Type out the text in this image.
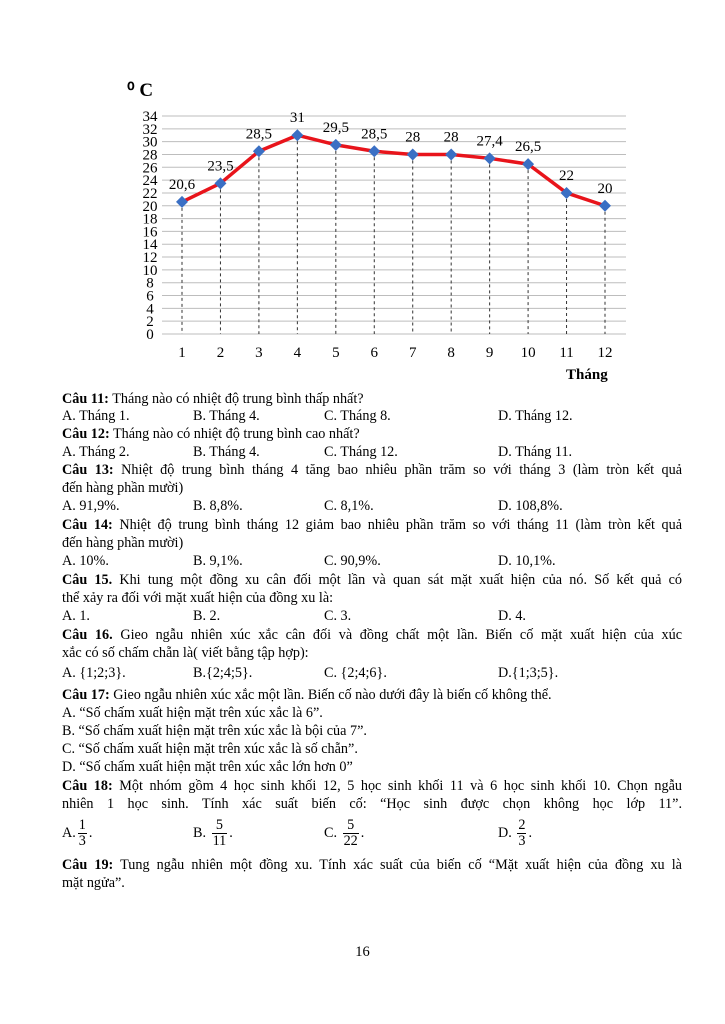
0
2
4
6
8
10
12
14
16
18
20
22
24
26
28
30
32
34
1 2 3 4 5 6 7 8 9 10 11 12
20,6
23,5
28,5
31
29,5 28,5 28 28 27,4 26,5
22
20
⁰ C
Tháng
Câu 11: Tháng nào có nhiệt độ trung bình thấp nhất?
A. Tháng 1.	B. Tháng 4.	C. Tháng 8.	D. Tháng 12.
Câu 12: Tháng nào có nhiệt độ trung bình cao nhất?
A. Tháng 2.	B. Tháng 4.	C. Tháng 12.	D. Tháng 11.
Câu 13: Nhiệt độ trung bình tháng 4 tăng bao nhiêu phần trăm so với tháng 3 (làm tròn kết quả
đến hàng phần mười)
A. 91,9%.	B. 8,8%.	C. 8,1%.	D. 108,8%.
Câu 14: Nhiệt độ trung bình tháng 12 giảm bao nhiêu phần trăm so với tháng 11 (làm tròn kết quả
đến hàng phần mười)
A. 10%.	B. 9,1%.	C. 90,9%.	D. 10,1%.
Câu 15. Khi tung một đồng xu cân đối một lần và quan sát mặt xuất hiện của nó. Số kết quả có
thể xảy ra đối với mặt xuất hiện của đồng xu là:
A. 1.	B. 2.	C. 3.	D. 4.
Câu 16. Gieo ngẫu nhiên xúc xắc cân đối và đồng chất một lần. Biến cố mặt xuất hiện của xúc
xắc có số chấm chẵn là( viết bằng tập hợp):
A. {1;2;3}.	B.{2;4;5}.	C. {2;4;6}.	D.{1;3;5}.
Câu 17: Gieo ngẫu nhiên xúc xắc một lần. Biến cố nào dưới đây là biến cố không thể.
A. “Số chấm xuất hiện mặt trên xúc xắc là 6”.
B. “Số chấm xuất hiện mặt trên xúc xắc là bội của 7”.
C. “Số chấm xuất hiện mặt trên xúc xắc là số chẵn”.
D. “Số chấm xuất hiện mặt trên xúc xắc lớn hơn 0”
Câu 18: Một nhóm gồm 4 học sinh khối 12, 5 học sinh khối 11 và 6 học sinh khối 10. Chọn ngẫu
nhiên 1 học sinh. Tính xác suất biến cố: “Học sinh được chọn không học lớp 11”.
A. $\frac{1}{3}$ .	B. $\frac{5}{11}$ .	C. $\frac{5}{22}$ .	D. $\frac{2}{3}$ .
Câu 19: Tung ngẫu nhiên một đồng xu. Tính xác suất của biến cố “Mặt xuất hiện của đồng xu là
mặt ngửa”.
16
